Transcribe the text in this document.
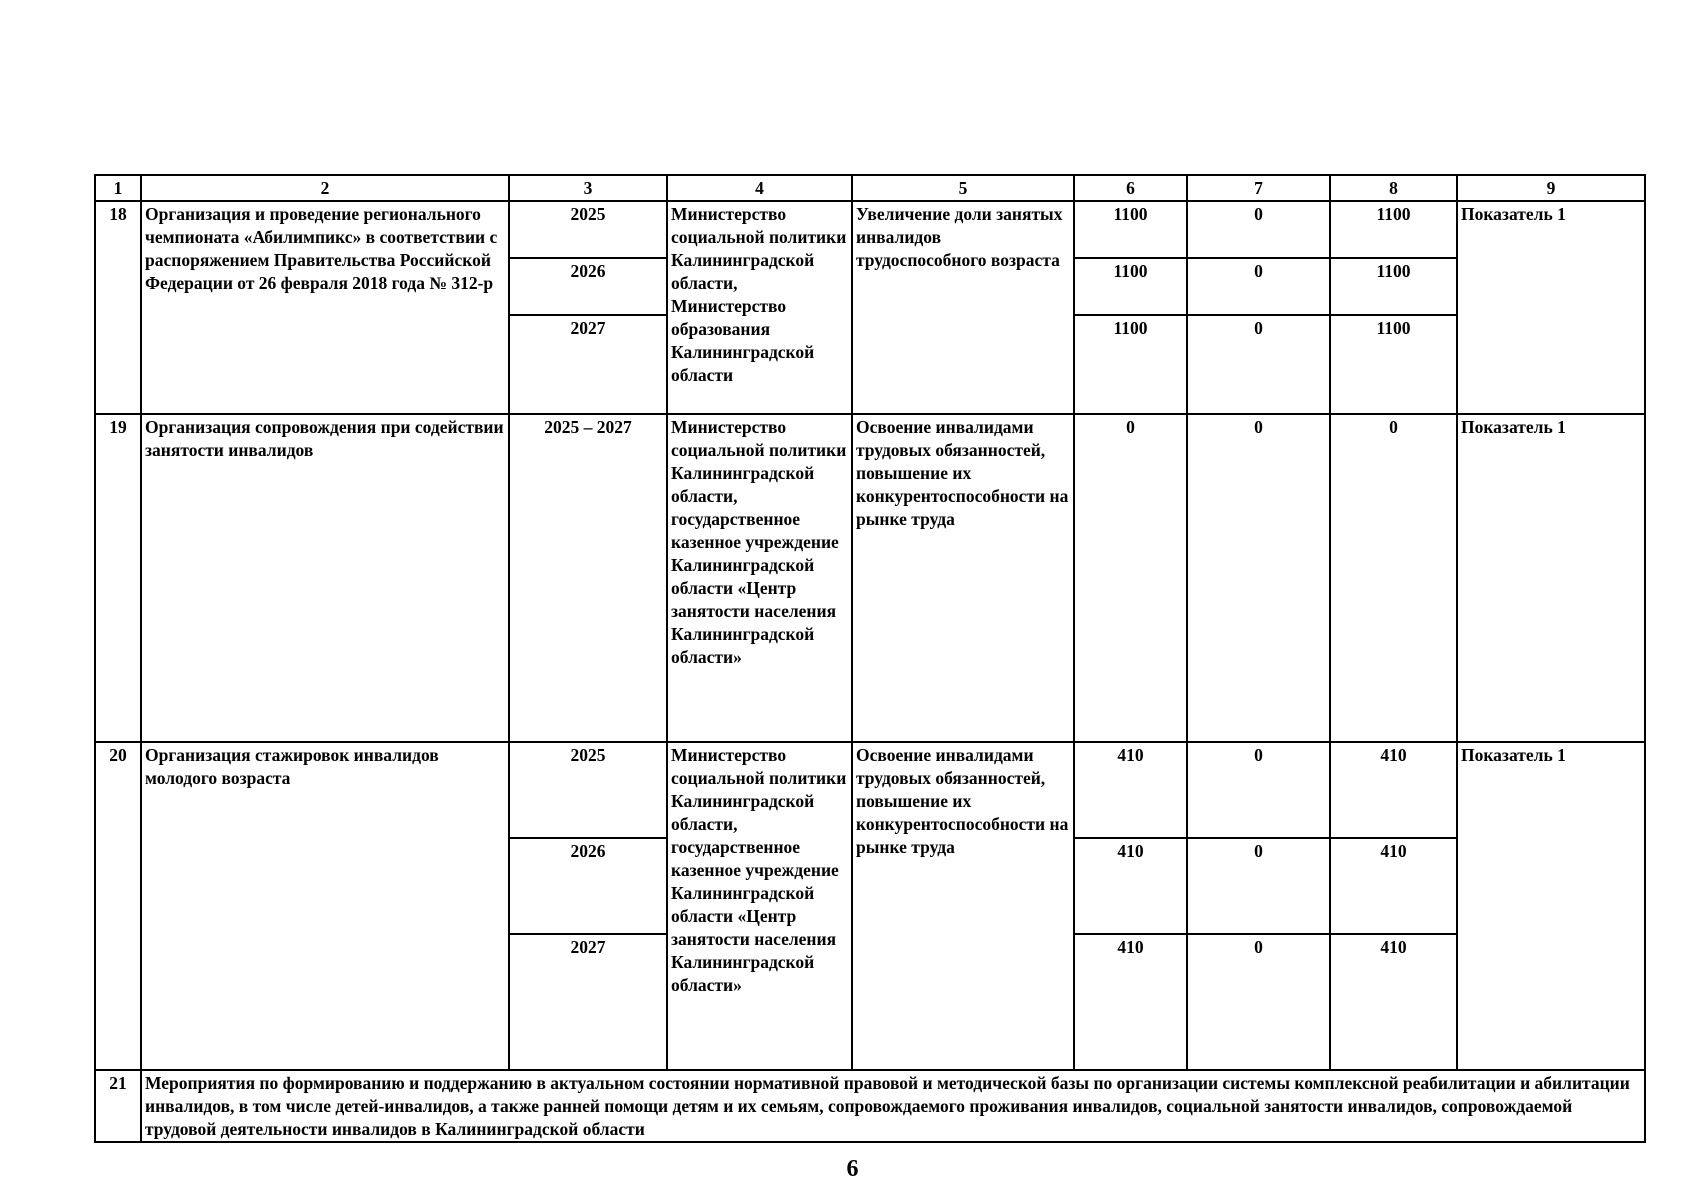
1	2	3	4	5	6	7	8	9
18	Организация и проведение регионального чемпионата «Абилимпикс» в соответствии с распоряжением Правительства Российской Федерации от 26 февраля 2018 года № 312-р	2025	Министерство социальной политики Калининградской области, Министерство образования Калининградской области	Увеличение доли занятых инвалидов трудоспособного возраста	1100	0	1100	Показатель 1
		2026			1100	0	1100	
		2027			1100	0	1100	
19	Организация сопровождения при содействии занятости инвалидов	2025 – 2027	Министерство социальной политики Калининградской области, государственное казенное учреждение Калининградской области «Центр занятости населения Калининградской области»	Освоение инвалидами трудовых обязанностей, повышение их конкурентоспособности на рынке труда	0	0	0	Показатель 1
20	Организация стажировок инвалидов молодого возраста	2025	Министерство социальной политики Калининградской области, государственное казенное учреждение Калининградской области «Центр занятости населения Калининградской области»	Освоение инвалидами трудовых обязанностей, повышение их конкурентоспособности на рынке труда	410	0	410	Показатель 1
		2026			410	0	410	
		2027			410	0	410	
21	Мероприятия по формированию и поддержанию в актуальном состоянии нормативной правовой и методической базы по организации системы комплексной реабилитации и абилитации инвалидов, в том числе детей-инвалидов, а также ранней помощи детям и их семьям, сопровождаемого проживания инвалидов, социальной занятости инвалидов, сопровождаемой трудовой деятельности инвалидов в Калининградской области							
6
